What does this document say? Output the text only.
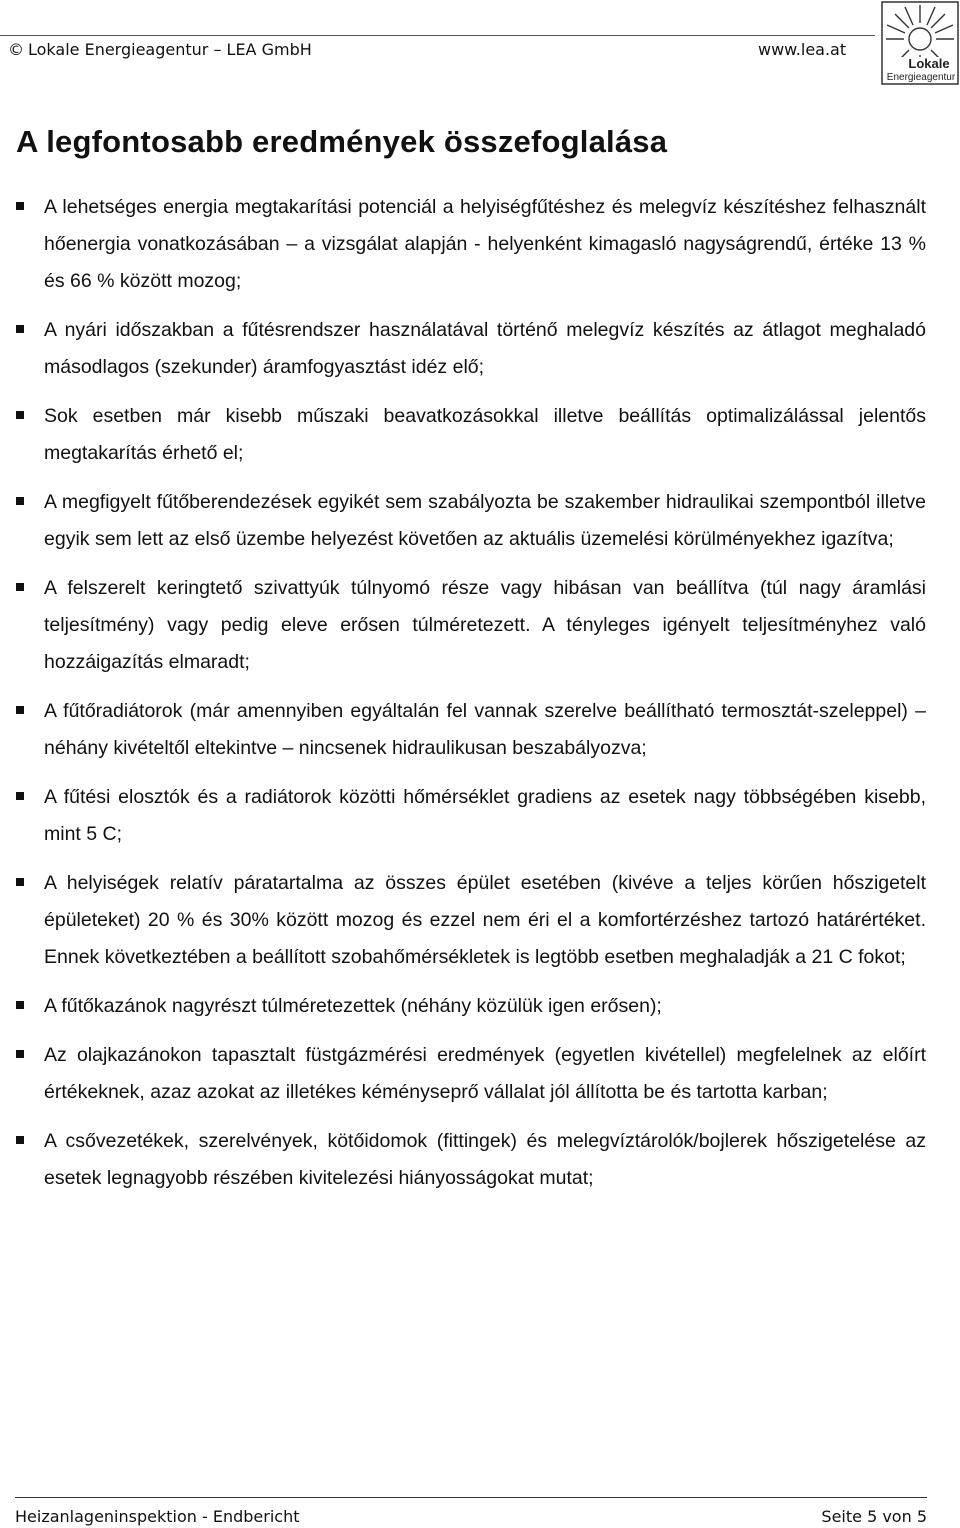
© Lokale Energieagentur – LEA GmbH	www.lea.at
Lokale
Energieagentur
A legfontosabb eredmények összefoglalása
A lehetséges energia megtakarítási potenciál a helyiségfűtéshez és melegvíz készítéshez felhasznált hőenergia vonatkozásában – a vizsgálat alapján - helyenként kimagasló nagyságrendű, értéke 13 % és 66 % között mozog;
A nyári időszakban a fűtésrendszer használatával történő melegvíz készítés az átlagot meghaladó másodlagos (szekunder) áramfogyasztást idéz elő;
Sok esetben már kisebb műszaki beavatkozásokkal illetve beállítás optimalizálással jelentős megtakarítás érhető el;
A megfigyelt fűtőberendezések egyikét sem szabályozta be szakember hidraulikai szempontból illetve egyik sem lett az első üzembe helyezést követően az aktuális üzemelési körülményekhez igazítva;
A felszerelt keringtető szivattyúk túlnyomó része vagy hibásan van beállítva (túl nagy áramlási teljesítmény) vagy pedig eleve erősen túlméretezett. A tényleges igényelt teljesítményhez való hozzáigazítás elmaradt;
A fűtőradiátorok (már amennyiben egyáltalán fel vannak szerelve beállítható termosztát-szeleppel) – néhány kivételtől eltekintve – nincsenek hidraulikusan beszabályozva;
A fűtési elosztók és a radiátorok közötti hőmérséklet gradiens az esetek nagy többségében kisebb, mint 5 C;
A helyiségek relatív páratartalma az összes épület esetében (kivéve a teljes körűen hőszigetelt épületeket) 20 % és 30% között mozog és ezzel nem éri el a komfortérzéshez tartozó határértéket. Ennek következtében a beállított szobahőmérsékletek is legtöbb esetben meghaladják a 21 C fokot;
A fűtőkazánok nagyrészt túlméretezettek (néhány közülük igen erősen);
Az olajkazánokon tapasztalt füstgázmérési eredmények (egyetlen kivétellel) megfelelnek az előírt értékeknek, azaz azokat az illetékes kéményseprő vállalat jól állította be és tartotta karban;
A csővezetékek, szerelvények, kötőidomok (fittingek) és melegvíztárolók/bojlerek hőszigetelése az esetek legnagyobb részében kivitelezési hiányosságokat mutat;
Heizanlageninspektion - Endbericht	Seite 5 von 5
